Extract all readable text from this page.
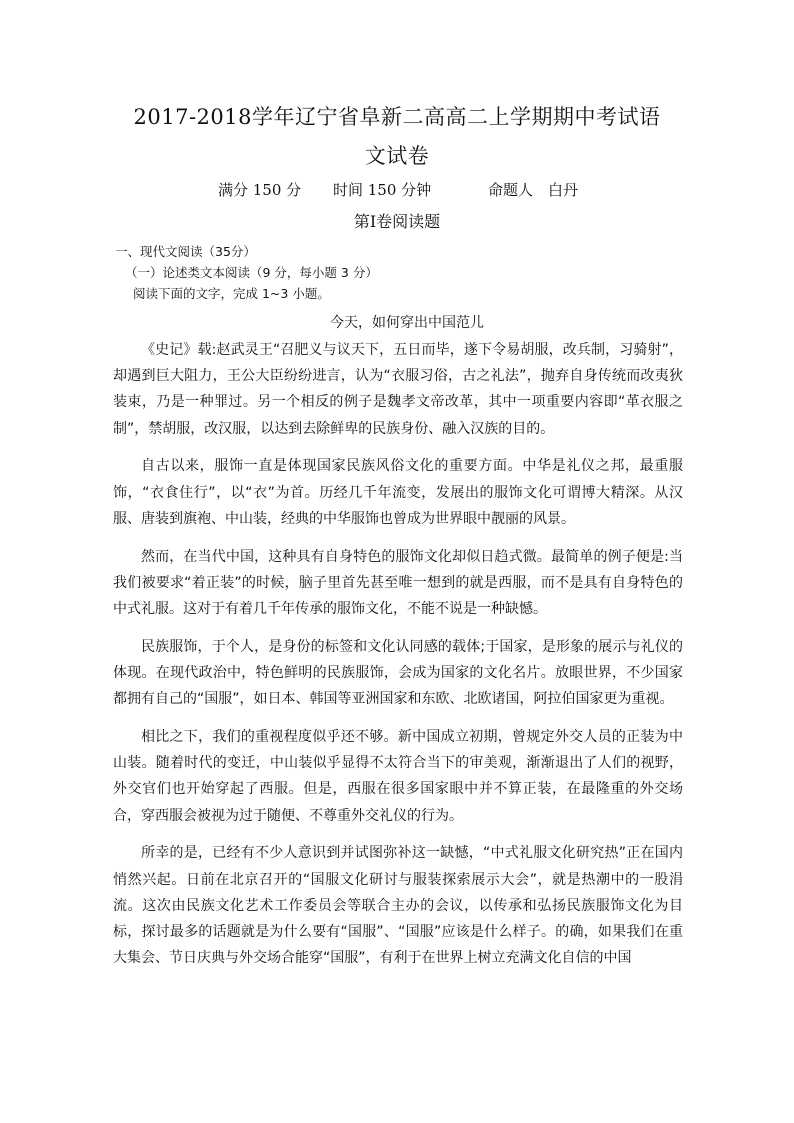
2017-2018学年辽宁省阜新二高高二上学期期中考试语
文试卷
满分 150 分 时间 150 分钟	命题人　白丹
第Ⅰ卷阅读题
一、现代文阅读（35分）
（一）论述类文本阅读（9 分，每小题 3 分）
阅读下面的文字，完成 1~3 小题。
今天，如何穿出中国范儿

《史记》载:赵武灵王“召肥义与议天下，五日而毕，遂下令易胡服，改兵制，习骑射”，却遇到巨大阻力，王公大臣纷纷进言，认为“衣服习俗，古之礼法”，抛弃自身传统而改夷狄装束，乃是一种罪过。另一个相反的例子是魏孝文帝改革，其中一项重要内容即“革衣服之制”，禁胡服，改汉服，以达到去除鲜卑的民族身份、融入汉族的目的。

自古以来，服饰一直是体现国家民族风俗文化的重要方面。中华是礼仪之邦，最重服饰，“衣食住行”，以“衣”为首。历经几千年流变，发展出的服饰文化可谓博大精深。从汉服、唐装到旗袍、中山装，经典的中华服饰也曾成为世界眼中靓丽的风景。

然而，在当代中国，这种具有自身特色的服饰文化却似日趋式微。最简单的例子便是:当我们被要求“着正装”的时候，脑子里首先甚至唯一想到的就是西服，而不是具有自身特色的中式礼服。这对于有着几千年传承的服饰文化，不能不说是一种缺憾。

民族服饰，于个人，是身份的标签和文化认同感的载体;于国家，是形象的展示与礼仪的体现。在现代政治中，特色鲜明的民族服饰，会成为国家的文化名片。放眼世界，不少国家都拥有自己的“国服”，如日本、韩国等亚洲国家和东欧、北欧诸国，阿拉伯国家更为重视。

相比之下，我们的重视程度似乎还不够。新中国成立初期，曾规定外交人员的正装为中山装。随着时代的变迁，中山装似乎显得不太符合当下的审美观，渐渐退出了人们的视野，外交官们也开始穿起了西服。但是，西服在很多国家眼中并不算正装，在最隆重的外交场合，穿西服会被视为过于随便、不尊重外交礼仪的行为。

所幸的是，已经有不少人意识到并试图弥补这一缺憾，“中式礼服文化研究热”正在国内悄然兴起。日前在北京召开的“国服文化研讨与服装探索展示大会”，就是热潮中的一股涓流。这次由民族文化艺术工作委员会等联合主办的会议，以传承和弘扬民族服饰文化为目标，探讨最多的话题就是为什么要有“国服”、“国服”应该是什么样子。的确，如果我们在重大集会、节日庆典与外交场合能穿“国服”，有利于在世界上树立充满文化自信的中国
